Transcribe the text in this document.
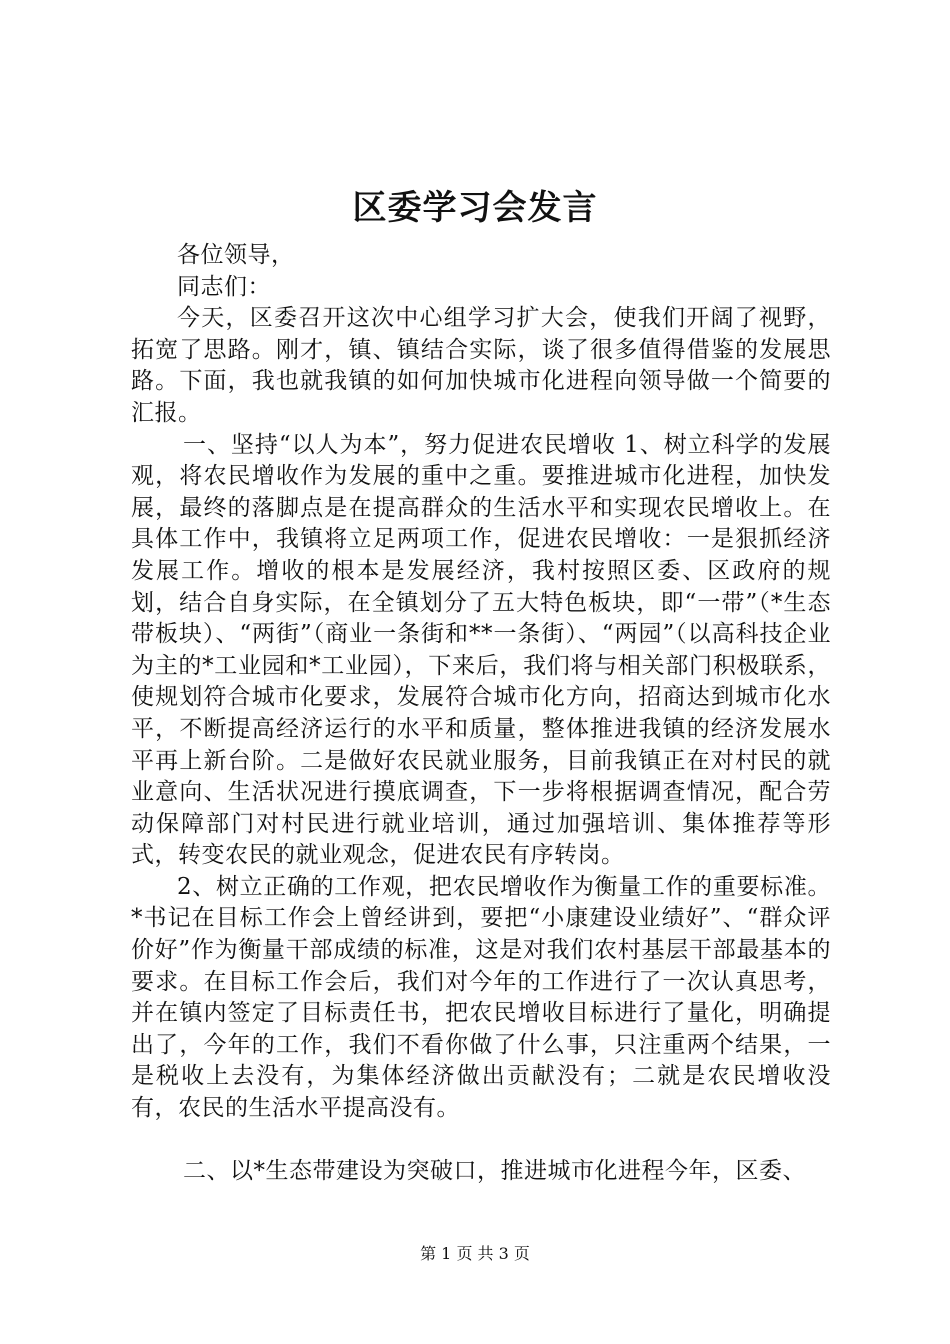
区委学习会发言

各位领导，

同志们：

今天，区委召开这次中心组学习扩大会，使我们开阔了视野，拓宽了思路。刚才，镇、镇结合实际，谈了很多值得借鉴的发展思路。下面，我也就我镇的如何加快城市化进程向领导做一个简要的汇报。

一、坚持“以人为本”，努力促进农民增收 1、树立科学的发展观，将农民增收作为发展的重中之重。要推进城市化进程，加快发展，最终的落脚点是在提高群众的生活水平和实现农民增收上。在具体工作中，我镇将立足两项工作，促进农民增收：一是狠抓经济发展工作。增收的根本是发展经济，我村按照区委、区政府的规划，结合自身实际，在全镇划分了五大特色板块，即“一带”（*生态带板块）、“两街”（商业一条街和**一条街）、“两园”（以高科技企业为主的*工业园和*工业园），下来后，我们将与相关部门积极联系，使规划符合城市化要求，发展符合城市化方向，招商达到城市化水平，不断提高经济运行的水平和质量，整体推进我镇的经济发展水平再上新台阶。二是做好农民就业服务，目前我镇正在对村民的就业意向、生活状况进行摸底调查，下一步将根据调查情况，配合劳动保障部门对村民进行就业培训，通过加强培训、集体推荐等形式，转变农民的就业观念，促进农民有序转岗。

2、树立正确的工作观，把农民增收作为衡量工作的重要标准。*书记在目标工作会上曾经讲到，要把“小康建设业绩好”、“群众评价好”作为衡量干部成绩的标准，这是对我们农村基层干部最基本的要求。在目标工作会后，我们对今年的工作进行了一次认真思考，并在镇内签定了目标责任书，把农民增收目标进行了量化，明确提出了，今年的工作，我们不看你做了什么事，只注重两个结果，一是税收上去没有，为集体经济做出贡献没有；二就是农民增收没有，农民的生活水平提高没有。

二、以*生态带建设为突破口，推进城市化进程今年，区委、

第 1 页 共 3 页
